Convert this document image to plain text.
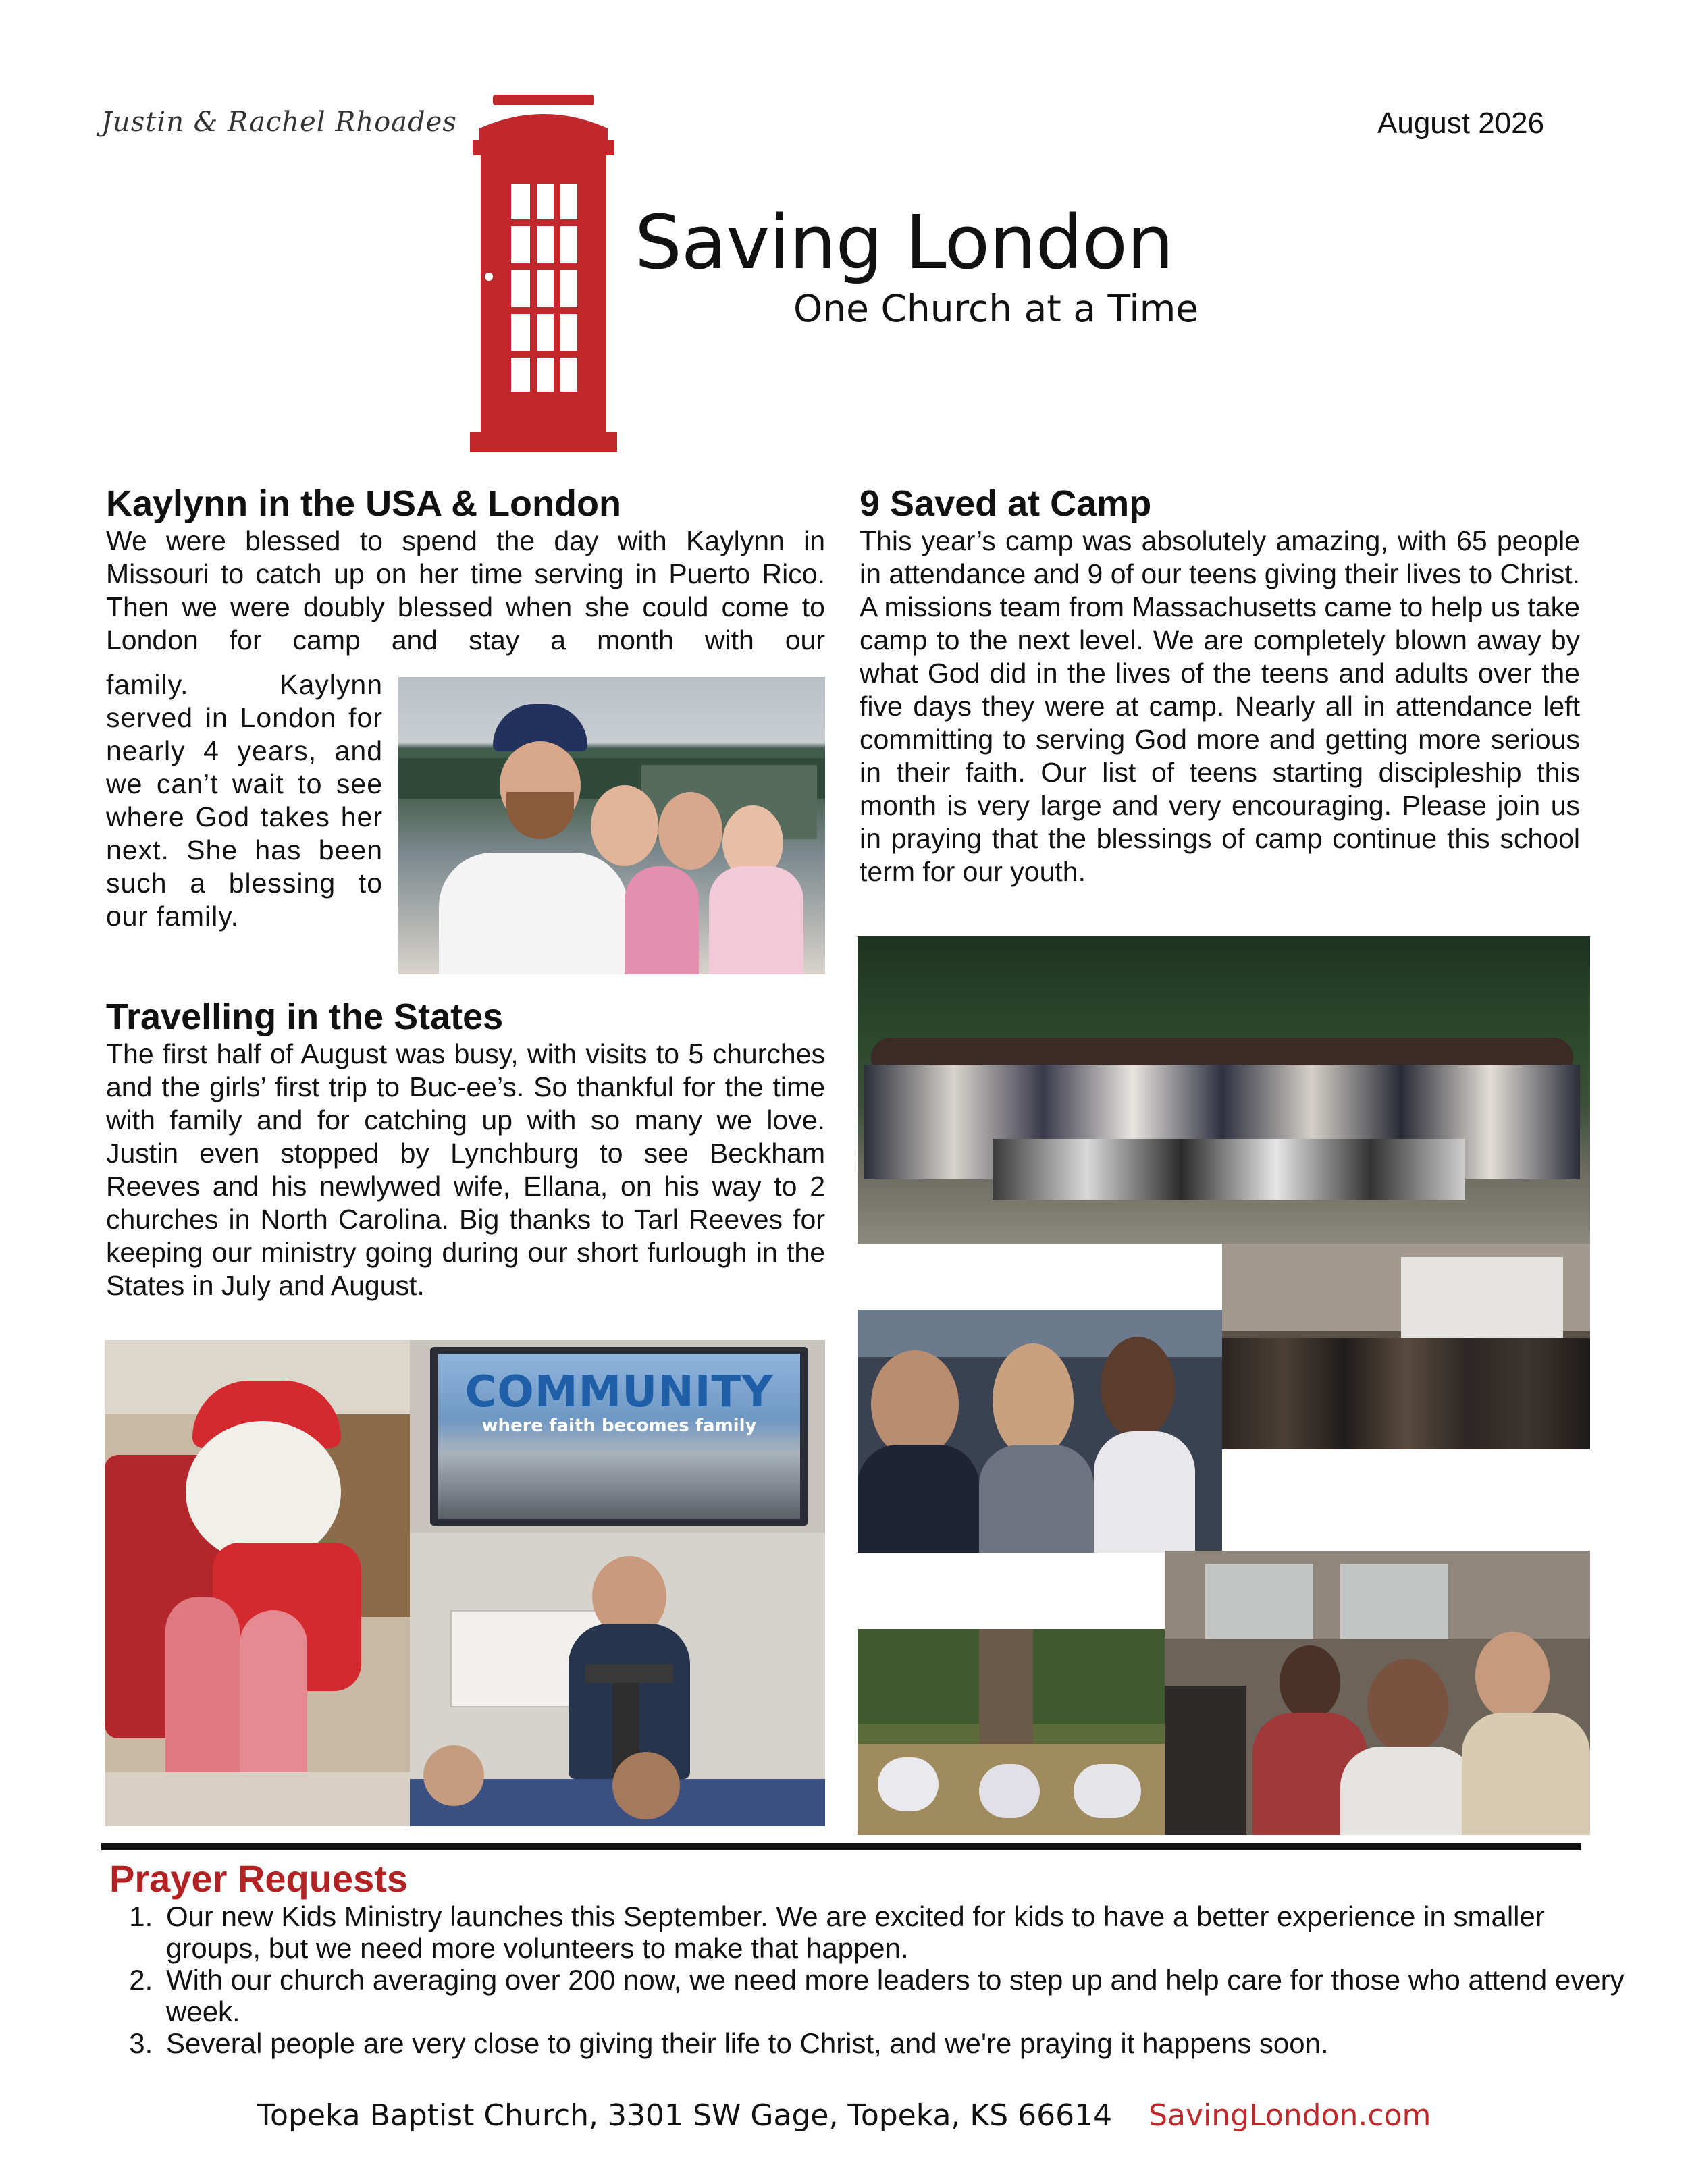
Justin & Rachel Rhoades	August 2026
Saving London
One Church at a Time
Kaylynn in the USA & London
We were blessed to spend the day with Kaylynn in Missouri to catch up on her time serving in Puerto Rico. Then we were doubly blessed when she could come to London for camp and stay a month with our
family. Kaylynn served in London for nearly 4 years, and we can’t wait to see where God takes her next. She has been such a blessing to our family.
Travelling in the States
The first half of August was busy, with visits to 5 churches and the girls’ first trip to Buc-ee’s. So thankful for the time with family and for catching up with so many we love. Justin even stopped by Lynchburg to see Beckham Reeves and his newlywed wife, Ellana, on his way to 2 churches in North Carolina. Big thanks to Tarl Reeves for keeping our ministry going during our short furlough in the States in July and August.
COMMUNITY
where faith becomes family
9 Saved at Camp
This year’s camp was absolutely amazing, with 65 people in attendance and 9 of our teens giving their lives to Christ. A missions team from Massachusetts came to help us take camp to the next level. We are completely blown away by what God did in the lives of the teens and adults over the five days they were at camp. Nearly all in attendance left committing to serving God more and getting more serious in their faith. Our list of teens starting discipleship this month is very large and very encouraging. Please join us in praying that the blessings of camp continue this school term for our youth.
Prayer Requests
1. Our new Kids Ministry launches this September. We are excited for kids to have a better experience in smaller groups, but we need more volunteers to make that happen.
2. With our church averaging over 200 now, we need more leaders to step up and help care for those who attend every week.
3. Several people are very close to giving their life to Christ, and we're praying it happens soon.
Topeka Baptist Church, 3301 SW Gage, Topeka, KS 66614 SavingLondon.com
